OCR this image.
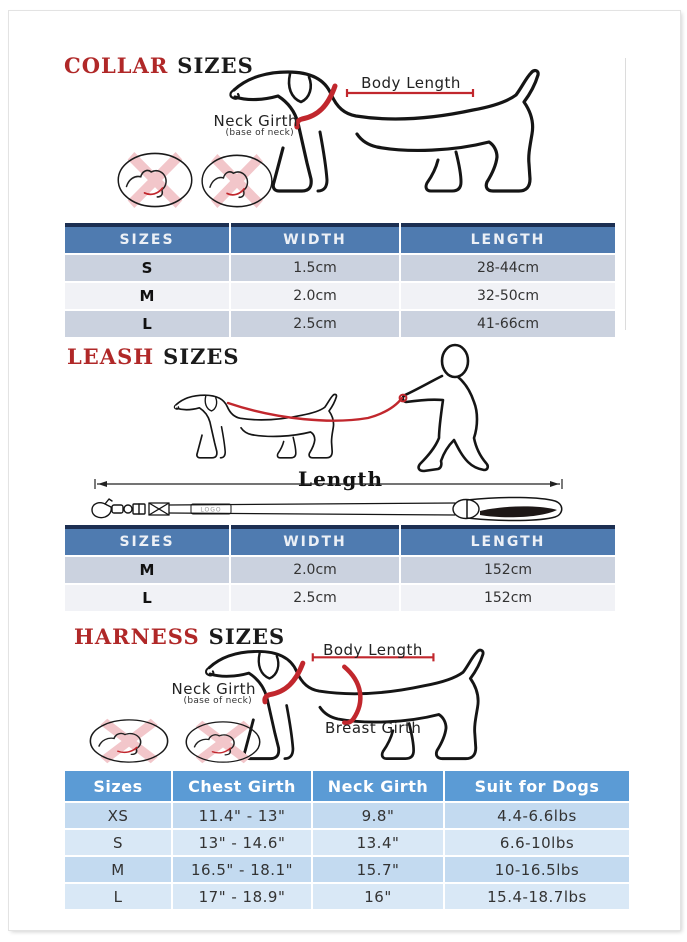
COLLAR SIZES
Body Length
Neck Girth
(base of neck)
SIZES	WIDTH	LENGTH
S	1.5cm	28-44cm
M	2.0cm	32-50cm
L	2.5cm	41-66cm
LEASH SIZES
Length
LOGO
SIZES	WIDTH	LENGTH
M	2.0cm	152cm
L	2.5cm	152cm
HARNESS SIZES
Body Length
Neck Girth
(base of neck)
Breast Girth
Sizes	Chest Girth	Neck Girth	Suit for Dogs
XS	11.4" - 13"	9.8"	4.4-6.6lbs
S	13" - 14.6"	13.4"	6.6-10lbs
M	16.5" - 18.1"	15.7"	10-16.5lbs
L	17" - 18.9"	16"	15.4-18.7lbs
